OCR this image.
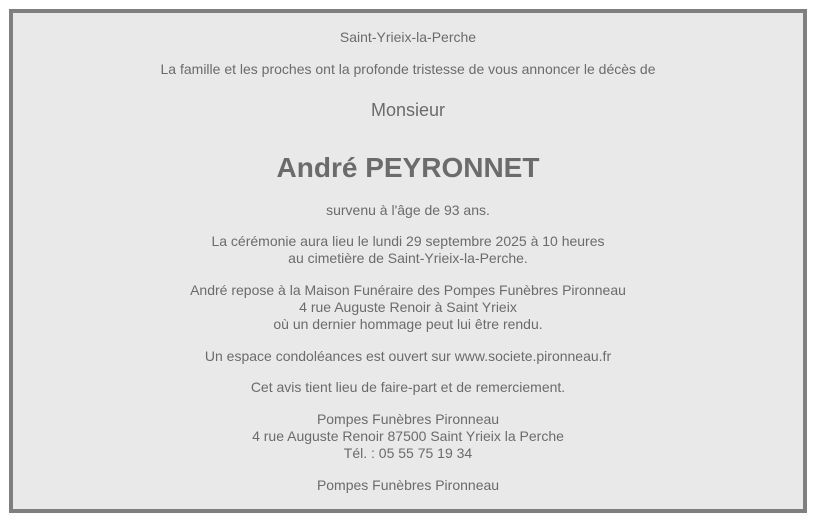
Saint-Yrieix-la-Perche
La famille et les proches ont la profonde tristesse de vous annoncer le décès de
Monsieur
André PEYRONNET
survenu à l'âge de 93 ans.
La cérémonie aura lieu le lundi 29 septembre 2025 à 10 heures
au cimetière de Saint-Yrieix-la-Perche.
André repose à la Maison Funéraire des Pompes Funèbres Pironneau
4 rue Auguste Renoir à Saint Yrieix
où un dernier hommage peut lui être rendu.
Un espace condoléances est ouvert sur www.societe.pironneau.fr
Cet avis tient lieu de faire-part et de remerciement.
Pompes Funèbres Pironneau
4 rue Auguste Renoir 87500 Saint Yrieix la Perche
Tél. : 05 55 75 19 34
Pompes Funèbres Pironneau
